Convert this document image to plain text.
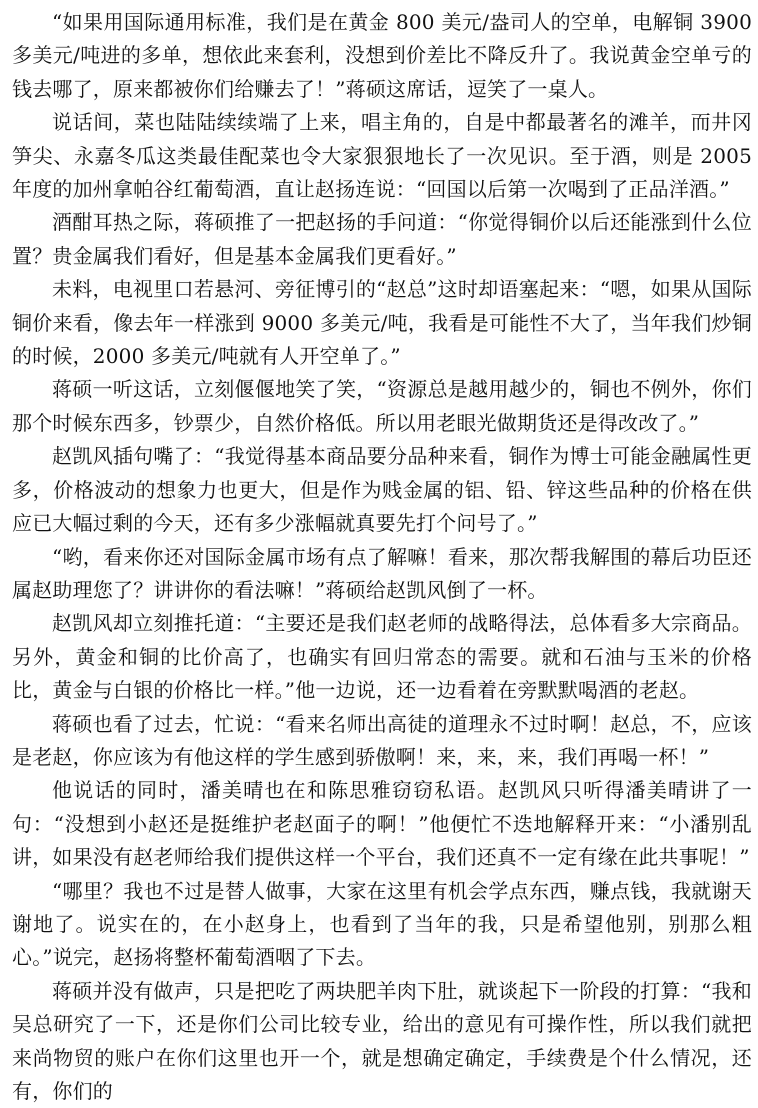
“如果用国际通用标准，我们是在黄金 800 美元/盎司人的空单，电解铜 3900 多美元/吨进的多单，想依此来套利，没想到价差比不降反升了。我说黄金空单亏的钱去哪了，原来都被你们给赚去了！”蒋硕这席话，逗笑了一桌人。

说话间，菜也陆陆续续端了上来，唱主角的，自是中都最著名的滩羊，而井冈笋尖、永嘉冬瓜这类最佳配菜也令大家狠狠地长了一次见识。至于酒，则是 2005 年度的加州拿帕谷红葡萄酒，直让赵扬连说：“回国以后第一次喝到了正品洋酒。”

酒酣耳热之际，蒋硕推了一把赵扬的手问道：“你觉得铜价以后还能涨到什么位置？贵金属我们看好，但是基本金属我们更看好。”

未料，电视里口若悬河、旁征博引的“赵总”这时却语塞起来：“嗯，如果从国际铜价来看，像去年一样涨到 9000 多美元/吨，我看是可能性不大了，当年我们炒铜的时候，2000 多美元/吨就有人开空单了。”

蒋硕一听这话，立刻偃偃地笑了笑，“资源总是越用越少的，铜也不例外，你们那个时候东西多，钞票少，自然价格低。所以用老眼光做期货还是得改改了。”

赵凯风插句嘴了：“我觉得基本商品要分品种来看，铜作为博士可能金融属性更多，价格波动的想象力也更大，但是作为贱金属的铝、铅、锌这些品种的价格在供应已大幅过剩的今天，还有多少涨幅就真要先打个问号了。”

“哟，看来你还对国际金属市场有点了解嘛！看来，那次帮我解围的幕后功臣还属赵助理您了？讲讲你的看法嘛！”蒋硕给赵凯风倒了一杯。

赵凯风却立刻推托道：“主要还是我们赵老师的战略得法，总体看多大宗商品。另外，黄金和铜的比价高了，也确实有回归常态的需要。就和石油与玉米的价格比，黄金与白银的价格比一样。”他一边说，还一边看着在旁默默喝酒的老赵。

蒋硕也看了过去，忙说：“看来名师出高徒的道理永不过时啊！赵总，不，应该是老赵，你应该为有他这样的学生感到骄傲啊！来，来，来，我们再喝一杯！”

他说话的同时，潘美晴也在和陈思雅窃窃私语。赵凯风只听得潘美晴讲了一句：“没想到小赵还是挺维护老赵面子的啊！”他便忙不迭地解释开来：“小潘别乱讲，如果没有赵老师给我们提供这样一个平台，我们还真不一定有缘在此共事呢！”

“哪里？我也不过是替人做事，大家在这里有机会学点东西，赚点钱，我就谢天谢地了。说实在的，在小赵身上，也看到了当年的我，只是希望他别，别那么粗心。”说完，赵扬将整杯葡萄酒咽了下去。

蒋硕并没有做声，只是把吃了两块肥羊肉下肚，就谈起下一阶段的打算：“我和吴总研究了一下，还是你们公司比较专业，给出的意见有可操作性，所以我们就把来尚物贸的账户在你们这里也开一个，就是想确定确定，手续费是个什么情况，还有，你们的
